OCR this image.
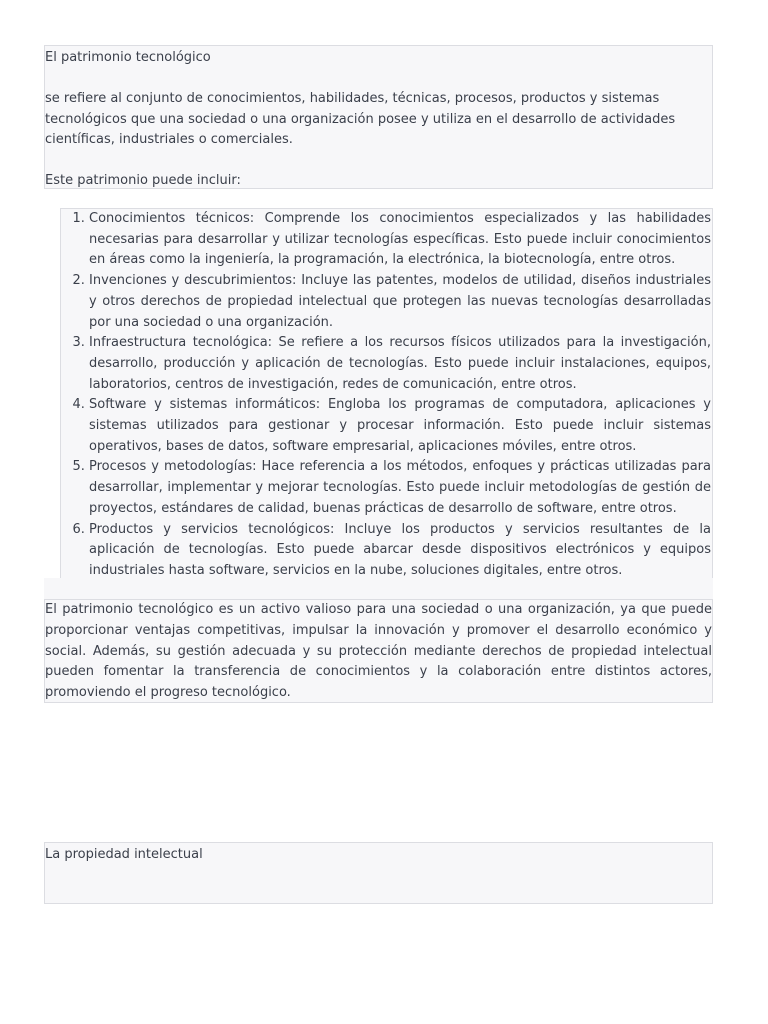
El patrimonio tecnológico

se refiere al conjunto de conocimientos, habilidades, técnicas, procesos, productos y sistemas tecnológicos que una sociedad o una organización posee y utiliza en el desarrollo de actividades científicas, industriales o comerciales.

Este patrimonio puede incluir:

1. Conocimientos técnicos: Comprende los conocimientos especializados y las habilidades necesarias para desarrollar y utilizar tecnologías específicas. Esto puede incluir conocimientos en áreas como la ingeniería, la programación, la electrónica, la biotecnología, entre otros.
2. Invenciones y descubrimientos: Incluye las patentes, modelos de utilidad, diseños industriales y otros derechos de propiedad intelectual que protegen las nuevas tecnologías desarrolladas por una sociedad o una organización.
3. Infraestructura tecnológica: Se refiere a los recursos físicos utilizados para la investigación, desarrollo, producción y aplicación de tecnologías. Esto puede incluir instalaciones, equipos, laboratorios, centros de investigación, redes de comunicación, entre otros.
4. Software y sistemas informáticos: Engloba los programas de computadora, aplicaciones y sistemas utilizados para gestionar y procesar información. Esto puede incluir sistemas operativos, bases de datos, software empresarial, aplicaciones móviles, entre otros.
5. Procesos y metodologías: Hace referencia a los métodos, enfoques y prácticas utilizadas para desarrollar, implementar y mejorar tecnologías. Esto puede incluir metodologías de gestión de proyectos, estándares de calidad, buenas prácticas de desarrollo de software, entre otros.
6. Productos y servicios tecnológicos: Incluye los productos y servicios resultantes de la aplicación de tecnologías. Esto puede abarcar desde dispositivos electrónicos y equipos industriales hasta software, servicios en la nube, soluciones digitales, entre otros.

El patrimonio tecnológico es un activo valioso para una sociedad o una organización, ya que puede proporcionar ventajas competitivas, impulsar la innovación y promover el desarrollo económico y social. Además, su gestión adecuada y su protección mediante derechos de propiedad intelectual pueden fomentar la transferencia de conocimientos y la colaboración entre distintos actores, promoviendo el progreso tecnológico.

La propiedad intelectual
